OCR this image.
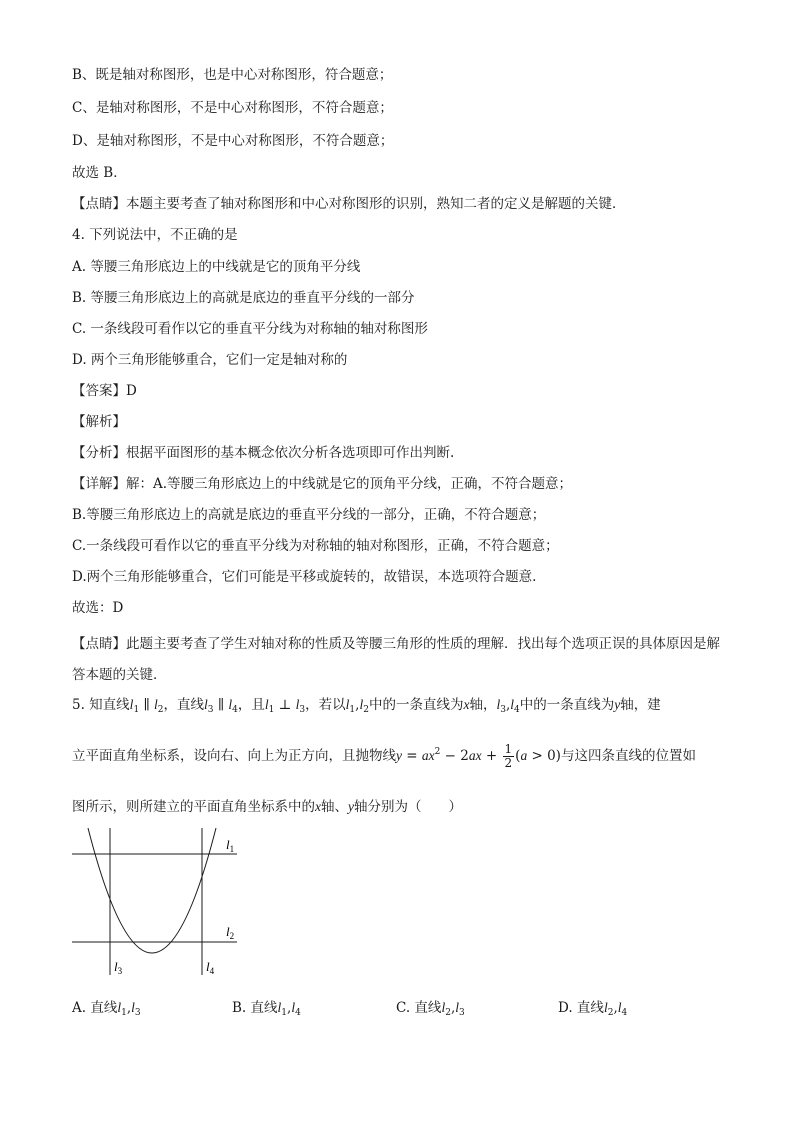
B、既是轴对称图形，也是中心对称图形，符合题意；
C、是轴对称图形，不是中心对称图形，不符合题意；
D、是轴对称图形，不是中心对称图形，不符合题意；
故选 B．
【点睛】本题主要考查了轴对称图形和中心对称图形的识别，熟知二者的定义是解题的关键．
4. 下列说法中，不正确的是
A. 等腰三角形底边上的中线就是它的顶角平分线
B. 等腰三角形底边上的高就是底边的垂直平分线的一部分
C. 一条线段可看作以它的垂直平分线为对称轴的轴对称图形
D. 两个三角形能够重合，它们一定是轴对称的
【答案】D
【解析】
【分析】根据平面图形的基本概念依次分析各选项即可作出判断.
【详解】解：A.等腰三角形底边上的中线就是它的顶角平分线，正确，不符合题意；
B.等腰三角形底边上的高就是底边的垂直平分线的一部分，正确，不符合题意；
C.一条线段可看作以它的垂直平分线为对称轴的轴对称图形，正确，不符合题意；
D.两个三角形能够重合，它们可能是平移或旋转的，故错误，本选项符合题意.
故选：D
【点睛】此题主要考查了学生对轴对称的性质及等腰三角形的性质的理解．找出每个选项正误的具体原因是解答本题的关键．
5. 知直线$l_1$ ∥ $l_2$，直线$l_3$ ∥ $l_4$，且$l_1$ ⊥ $l_3$，若以$l_1,l_2$中的一条直线为x轴，$l_3,l_4$中的一条直线为y轴，建
立平面直角坐标系，设向右、向上为正方向，且抛物线$y = ax^2 - 2ax + \frac{1}{2} (a > 0)$与这四条直线的位置如
图所示，则所建立的平面直角坐标系中的x轴、y轴分别为（　　）
$l_1$
$l_2$
$l_3$	$l_4$
A. 直线$l_1,l_3$	B. 直线$l_1,l_4$	C. 直线$l_2,l_3$	D. 直线$l_2,l_4$
